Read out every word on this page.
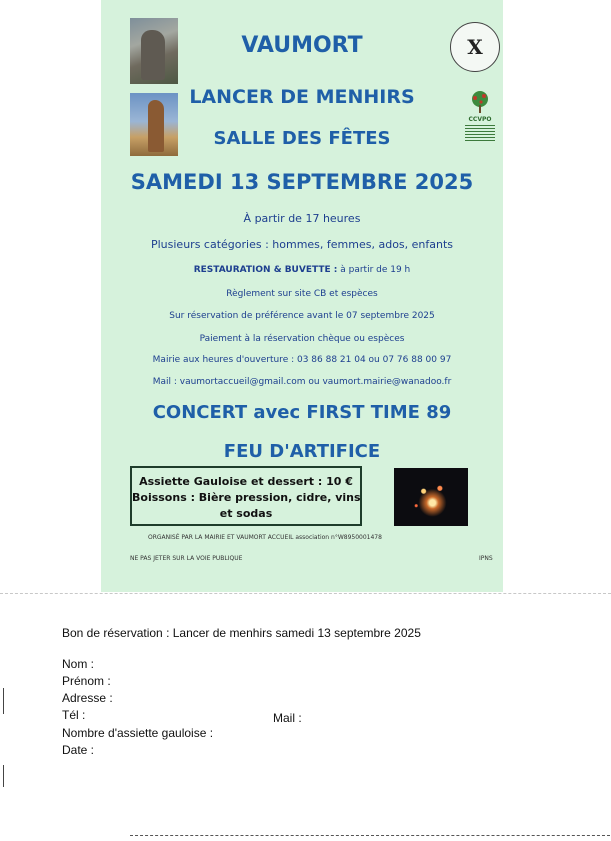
X
CCVPO
VAUMORT
LANCER DE MENHIRS
SALLE DES FÊTES
SAMEDI 13 SEPTEMBRE 2025
À partir de 17 heures
Plusieurs catégories : hommes, femmes, ados, enfants
RESTAURATION & BUVETTE : à partir de 19 h
Règlement sur site CB et espèces
Sur réservation de préférence avant le 07 septembre 2025
Paiement à la réservation chèque ou espèces
Mairie aux heures d'ouverture : 03 86 88 21 04 ou 07 76 88 00 97
Mail : vaumortaccueil@gmail.com ou vaumort.mairie@wanadoo.fr
CONCERT avec FIRST TIME 89
FEU D'ARTIFICE
Assiette Gauloise et dessert : 10 €
Boissons : Bière pression, cidre, vins
et sodas
ORGANISÉ PAR LA MAIRIE ET VAUMORT ACCUEIL association n°W8950001478
NE PAS JETER SUR LA VOIE PUBLIQUE	IPNS
Bon de réservation : Lancer de menhirs samedi 13 septembre 2025
Nom :
Prénom :
Adresse :
Tél :	Mail :
Nombre d'assiette gauloise :
Date :
